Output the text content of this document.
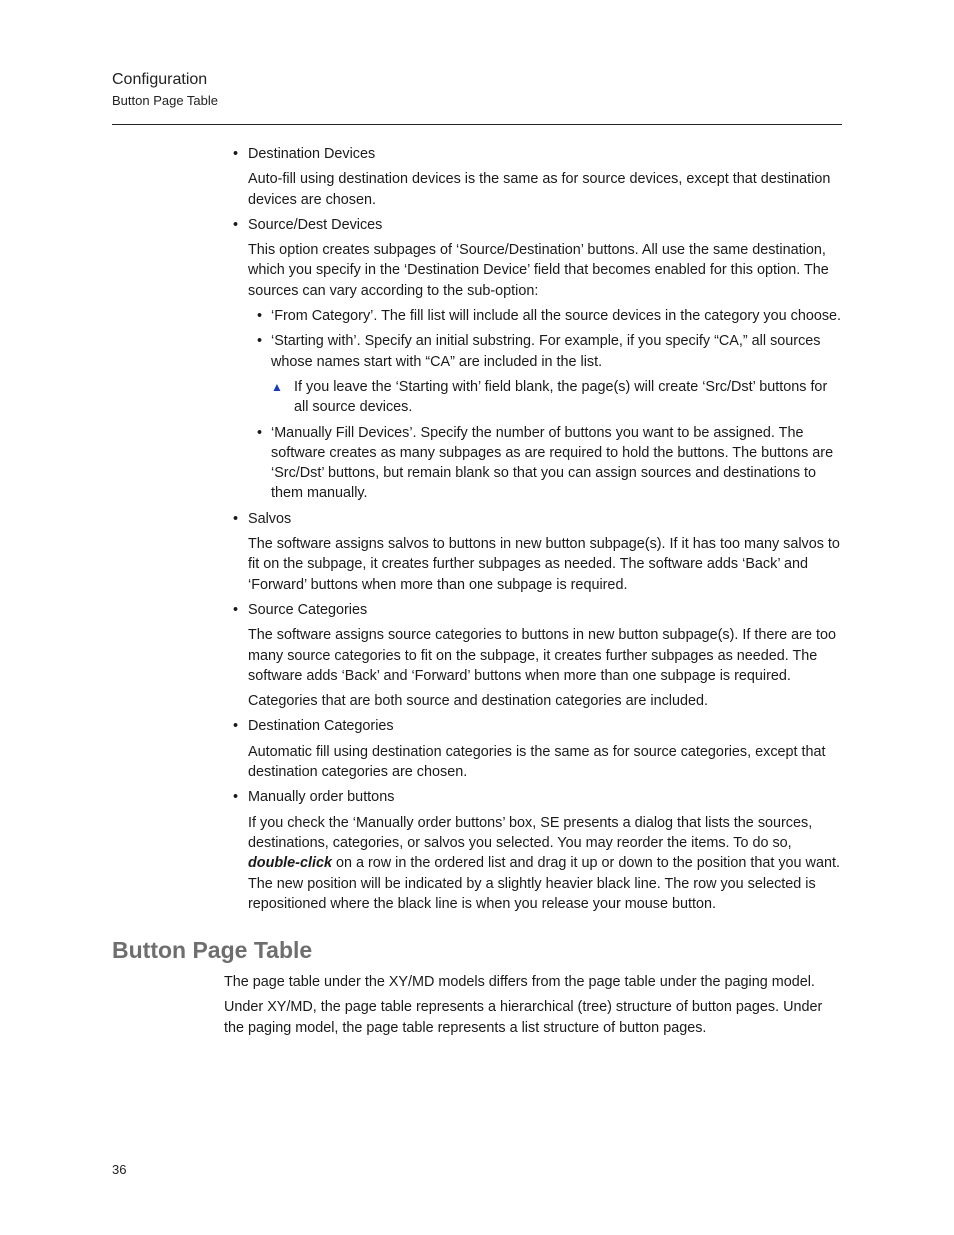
Configuration
Button Page Table
• Destination Devices

Auto-fill using destination devices is the same as for source devices, except that destination devices are chosen.

• Source/Dest Devices

This option creates subpages of ‘Source/Destination’ buttons. All use the same destination, which you specify in the ‘Destination Device’ field that becomes enabled for this option. The sources can vary according to the sub-option:

• ‘From Category’. The fill list will include all the source devices in the category you choose.
• ‘Starting with’. Specify an initial substring. For example, if you specify “CA,” all sources whose names start with “CA” are included in the list.
▲ If you leave the ‘Starting with’ field blank, the page(s) will create ‘Src/Dst’ buttons for all source devices.
• ‘Manually Fill Devices’. Specify the number of buttons you want to be assigned. The software creates as many subpages as are required to hold the buttons. The buttons are ‘Src/Dst’ buttons, but remain blank so that you can assign sources and destinations to them manually.
• Salvos

The software assigns salvos to buttons in new button subpage(s). If it has too many salvos to fit on the subpage, it creates further subpages as needed. The software adds ‘Back’ and ‘Forward’ buttons when more than one subpage is required.

• Source Categories

The software assigns source categories to buttons in new button subpage(s). If there are too many source categories to fit on the subpage, it creates further subpages as needed. The software adds ‘Back’ and ‘Forward’ buttons when more than one subpage is required.

Categories that are both source and destination categories are included.

• Destination Categories

Automatic fill using destination categories is the same as for source categories, except that destination categories are chosen.

• Manually order buttons

If you check the ‘Manually order buttons’ box, SE presents a dialog that lists the sources, destinations, categories, or salvos you selected. You may reorder the items. To do so, double-click on a row in the ordered list and drag it up or down to the position that you want. The new position will be indicated by a slightly heavier black line. The row you selected is repositioned where the black line is when you release your mouse button.

Button Page Table

The page table under the XY/MD models differs from the page table under the paging model.

Under XY/MD, the page table represents a hierarchical (tree) structure of button pages. Under the paging model, the page table represents a list structure of button pages.

36
